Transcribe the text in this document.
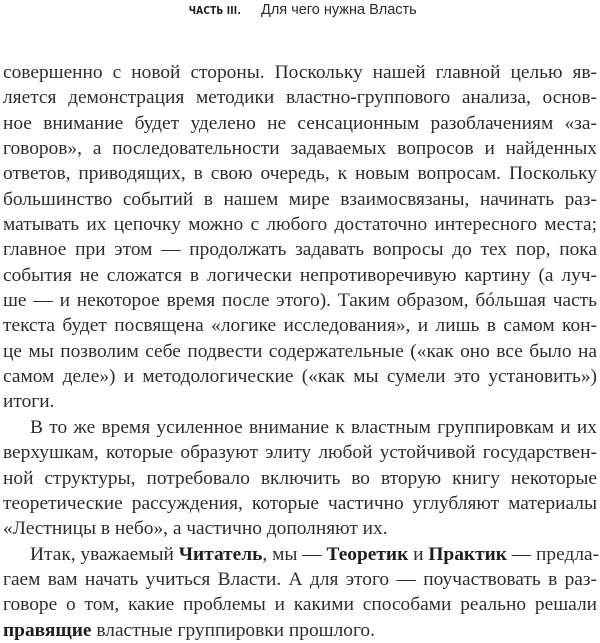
ЧАСТЬ III. Для чего нужна Власть
совершенно с новой стороны. Поскольку нашей главной целью яв-
ляется демонстрация методики властно-группового анализа, основ-
ное внимание будет уделено не сенсационным разоблачениям «за-
говоров», а последовательности задаваемых вопросов и найденных
ответов, приводящих, в свою очередь, к новым вопросам. Поскольку
большинство событий в нашем мире взаимосвязаны, начинать раз-
матывать их цепочку можно с любого достаточно интересного места;
главное при этом — продолжать задавать вопросы до тех пор, пока
события не сложатся в логически непротиворечивую картину (а луч-
ше — и некоторое время после этого). Таким образом, бóльшая часть
текста будет посвящена «логике исследования», и лишь в самом кон-
це мы позволим себе подвести содержательные («как оно все было на
самом деле») и методологические («как мы сумели это установить»)
итоги.
В то же время усиленное внимание к властным группировкам и их
верхушкам, которые образуют элиту любой устойчивой государствен-
ной структуры, потребовало включить во вторую книгу некоторые
теоретические рассуждения, которые частично углубляют материалы
«Лестницы в небо», а частично дополняют их.
Итак, уважаемый Читатель, мы — Теоретик и Практик — предла-
гаем вам начать учиться Власти. А для этого — поучаствовать в раз-
говоре о том, какие проблемы и какими способами реально решали
правящие властные группировки прошлого.
